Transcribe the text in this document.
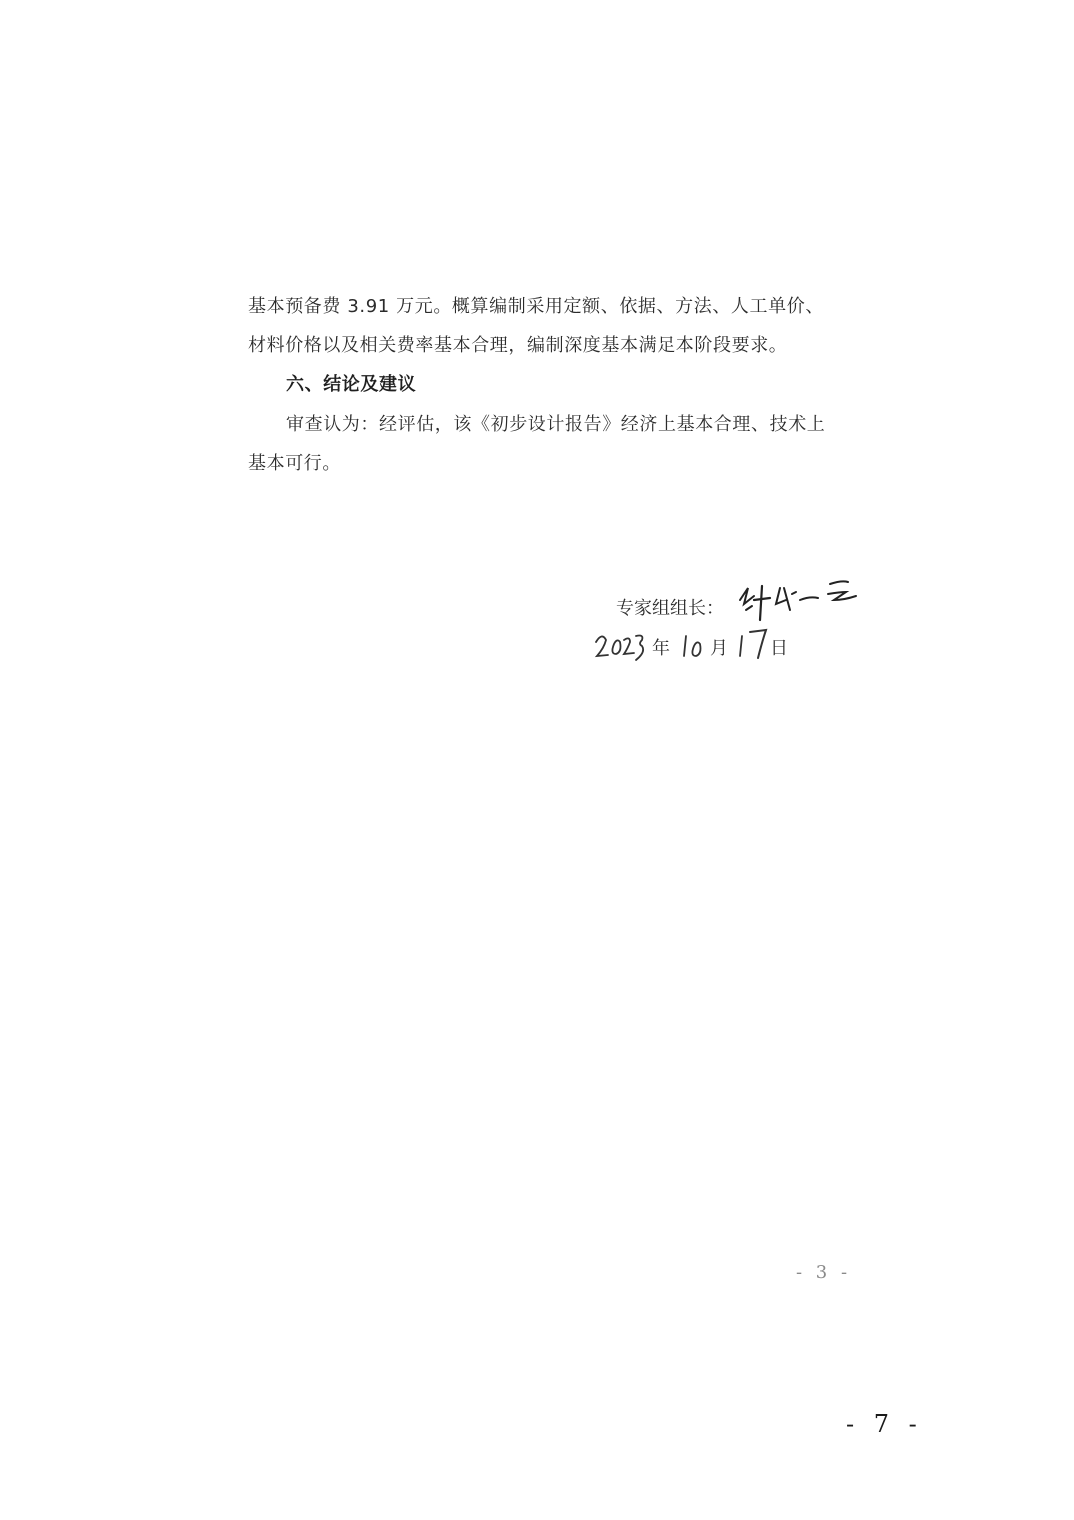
基本预备费 3.91 万元。概算编制采用定额、依据、方法、人工单价、
材料价格以及相关费率基本合理，编制深度基本满足本阶段要求。
六、结论及建议
审查认为：经评估，该《初步设计报告》经济上基本合理、技术上
基本可行。
专家组组长：
年 月 日
- 3 -
- 7 -
